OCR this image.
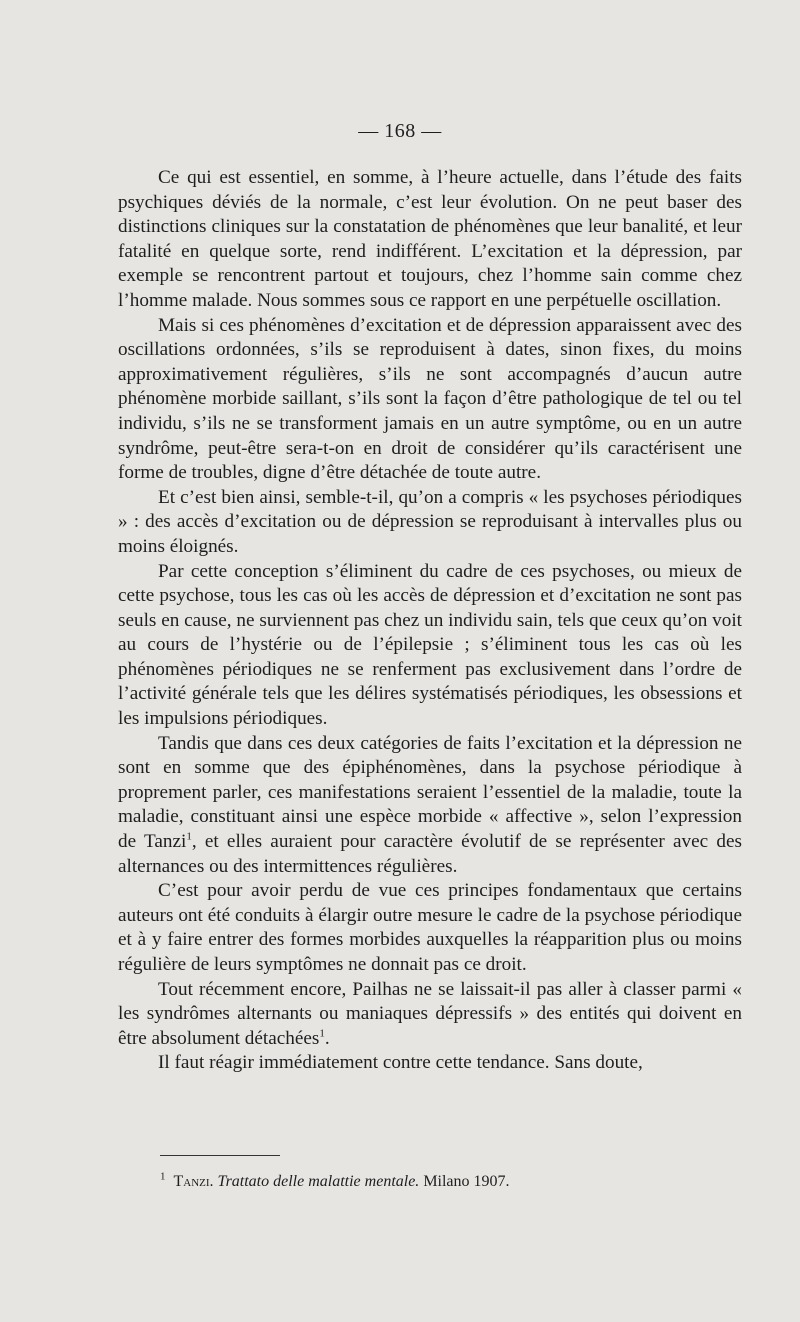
— 168 —

Ce qui est essentiel, en somme, à l’heure actuelle, dans l’étude des faits psychiques déviés de la normale, c’est leur évolution. On ne peut baser des distinctions cliniques sur la constatation de phénomènes que leur banalité, et leur fatalité en quelque sorte, rend indifférent. L’excitation et la dépression, par exemple se rencontrent partout et toujours, chez l’homme sain comme chez l’homme malade. Nous sommes sous ce rapport en une perpétuelle oscillation.

Mais si ces phénomènes d’excitation et de dépression apparaissent avec des oscillations ordonnées, s’ils se reproduisent à dates, sinon fixes, du moins approximativement régulières, s’ils ne sont accompagnés d’aucun autre phénomène morbide saillant, s’ils sont la façon d’être pathologique de tel ou tel individu, s’ils ne se transforment jamais en un autre symptôme, ou en un autre syndrôme, peut-être sera-t-on en droit de considérer qu’ils caractérisent une forme de troubles, digne d’être détachée de toute autre.

Et c’est bien ainsi, semble-t-il, qu’on a compris « les psychoses périodiques » : des accès d’excitation ou de dépression se reproduisant à intervalles plus ou moins éloignés.

Par cette conception s’éliminent du cadre de ces psychoses, ou mieux de cette psychose, tous les cas où les accès de dépression et d’excitation ne sont pas seuls en cause, ne surviennent pas chez un individu sain, tels que ceux qu’on voit au cours de l’hystérie ou de l’épilepsie ; s’éliminent tous les cas où les phénomènes périodiques ne se renferment pas exclusivement dans l’ordre de l’activité générale tels que les délires systématisés périodiques, les obsessions et les impulsions périodiques.

Tandis que dans ces deux catégories de faits l’excitation et la dépression ne sont en somme que des épiphénomènes, dans la psychose périodique à proprement parler, ces manifestations seraient l’essentiel de la maladie, toute la maladie, constituant ainsi une espèce morbide « affective », selon l’expression de Tanzi$^1$, et elles auraient pour caractère évolutif de se représenter avec des alternances ou des intermittences régulières.

C’est pour avoir perdu de vue ces principes fondamentaux que certains auteurs ont été conduits à élargir outre mesure le cadre de la psychose périodique et à y faire entrer des formes morbides auxquelles la réapparition plus ou moins régulière de leurs symptômes ne donnait pas ce droit.

Tout récemment encore, Pailhas ne se laissait-il pas aller à classer parmi « les syndrômes alternants ou maniaques dépressifs » des entités qui doivent en être absolument détachées$^1$.

Il faut réagir immédiatement contre cette tendance. Sans doute,

$^1$ Tanzi. Trattato delle malattie mentale. Milano 1907.
